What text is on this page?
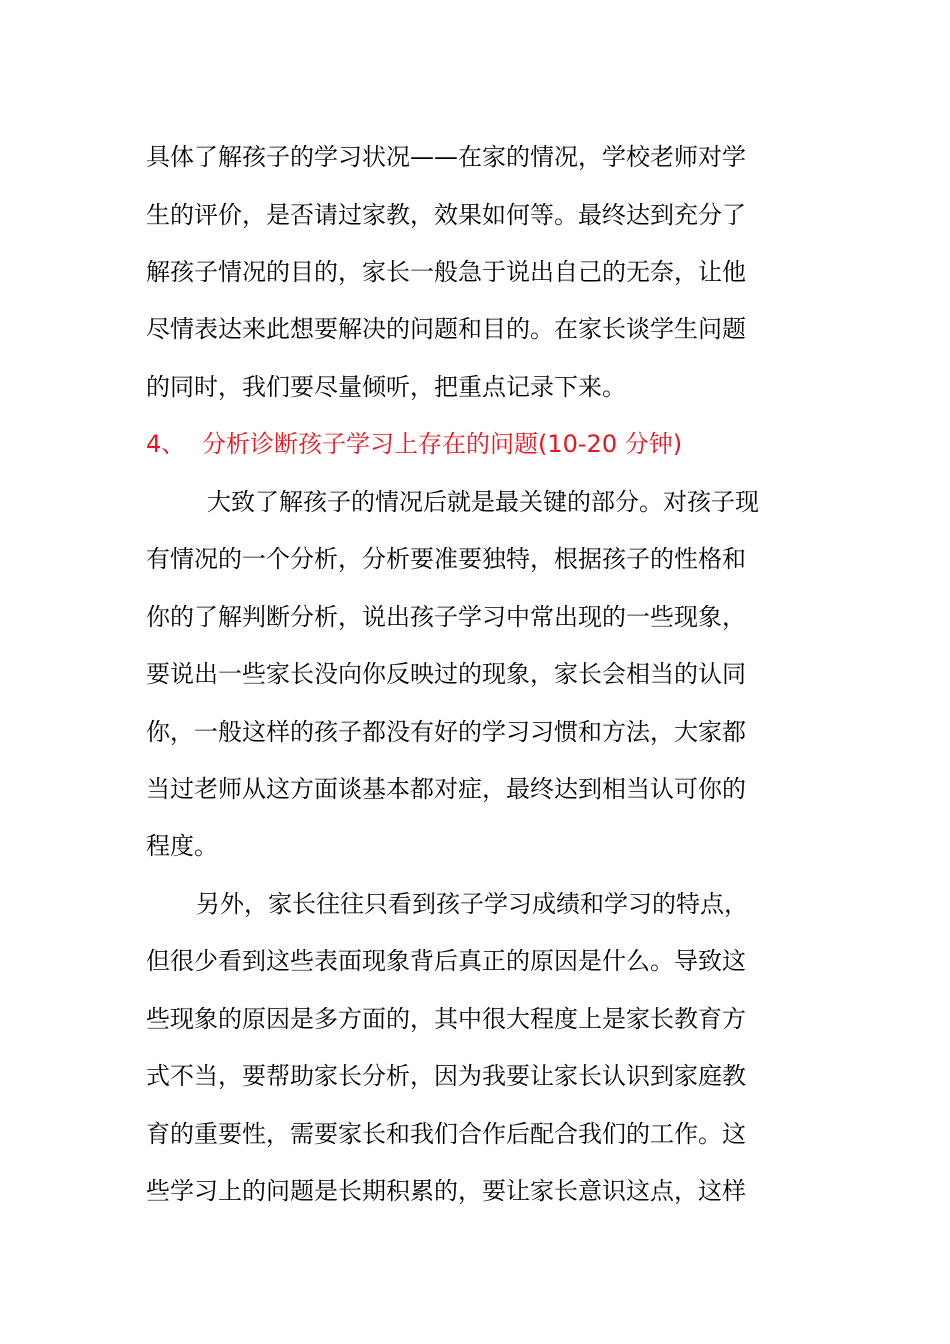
具体了解孩子的学习状况——在家的情况，学校老师对学
生的评价，是否请过家教，效果如何等。最终达到充分了
解孩子情况的目的，家长一般急于说出自己的无奈，让他
尽情表达来此想要解决的问题和目的。在家长谈学生问题
的同时，我们要尽量倾听，把重点记录下来。
4、 分析诊断孩子学习上存在的问题(10-20 分钟)
大致了解孩子的情况后就是最关键的部分。对孩子现
有情况的一个分析，分析要准要独特，根据孩子的性格和
你的了解判断分析，说出孩子学习中常出现的一些现象，
要说出一些家长没向你反映过的现象，家长会相当的认同
你，一般这样的孩子都没有好的学习习惯和方法，大家都
当过老师从这方面谈基本都对症，最终达到相当认可你的
程度。
另外，家长往往只看到孩子学习成绩和学习的特点，
但很少看到这些表面现象背后真正的原因是什么。导致这
些现象的原因是多方面的，其中很大程度上是家长教育方
式不当，要帮助家长分析，因为我要让家长认识到家庭教
育的重要性，需要家长和我们合作后配合我们的工作。这
些学习上的问题是长期积累的，要让家长意识这点，这样
